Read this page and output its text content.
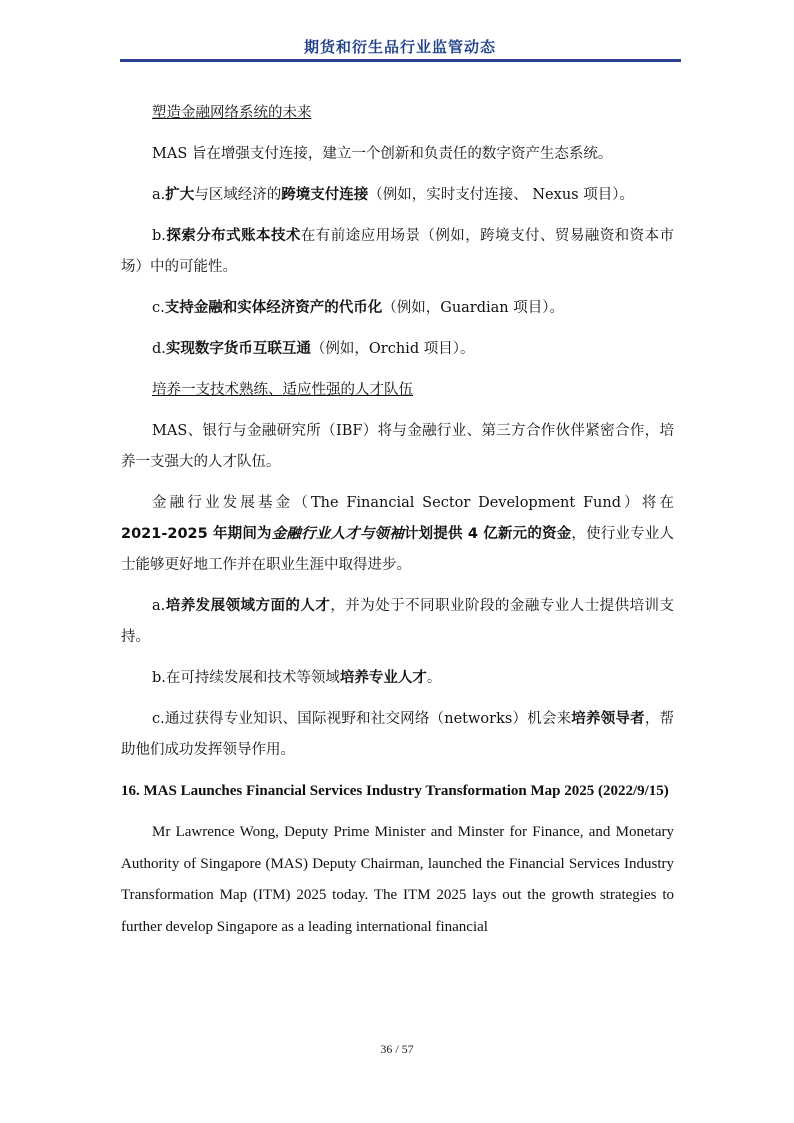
期货和衍生品行业监管动态

塑造金融网络系统的未来

MAS 旨在增强支付连接，建立一个创新和负责任的数字资产生态系统。

a.扩大与区域经济的跨境支付连接（例如，实时支付连接、 Nexus 项目）。

b.探索分布式账本技术在有前途应用场景（例如，跨境支付、贸易融资和资本市场）中的可能性。

c.支持金融和实体经济资产的代币化（例如，Guardian 项目）。

d.实现数字货币互联互通（例如，Orchid 项目）。

培养一支技术熟练、适应性强的人才队伍

MAS、银行与金融研究所（IBF）将与金融行业、第三方合作伙伴紧密合作，培养一支强大的人才队伍。

金融行业发展基金（The Financial Sector Development Fund）将在 2021-2025 年期间为金融行业人才与领袖计划提供 4 亿新元的资金，使行业专业人士能够更好地工作并在职业生涯中取得进步。

a.培养发展领域方面的人才，并为处于不同职业阶段的金融专业人士提供培训支持。

b.在可持续发展和技术等领域培养专业人才。

c.通过获得专业知识、国际视野和社交网络（networks）机会来培养领导者，帮助他们成功发挥领导作用。

16. MAS Launches Financial Services Industry Transformation Map 2025 (2022/9/15)

Mr Lawrence Wong, Deputy Prime Minister and Minster for Finance, and Monetary Authority of Singapore (MAS) Deputy Chairman, launched the Financial Services Industry Transformation Map (ITM) 2025 today. The ITM 2025 lays out the growth strategies to further develop Singapore as a leading international financial

36 / 57
